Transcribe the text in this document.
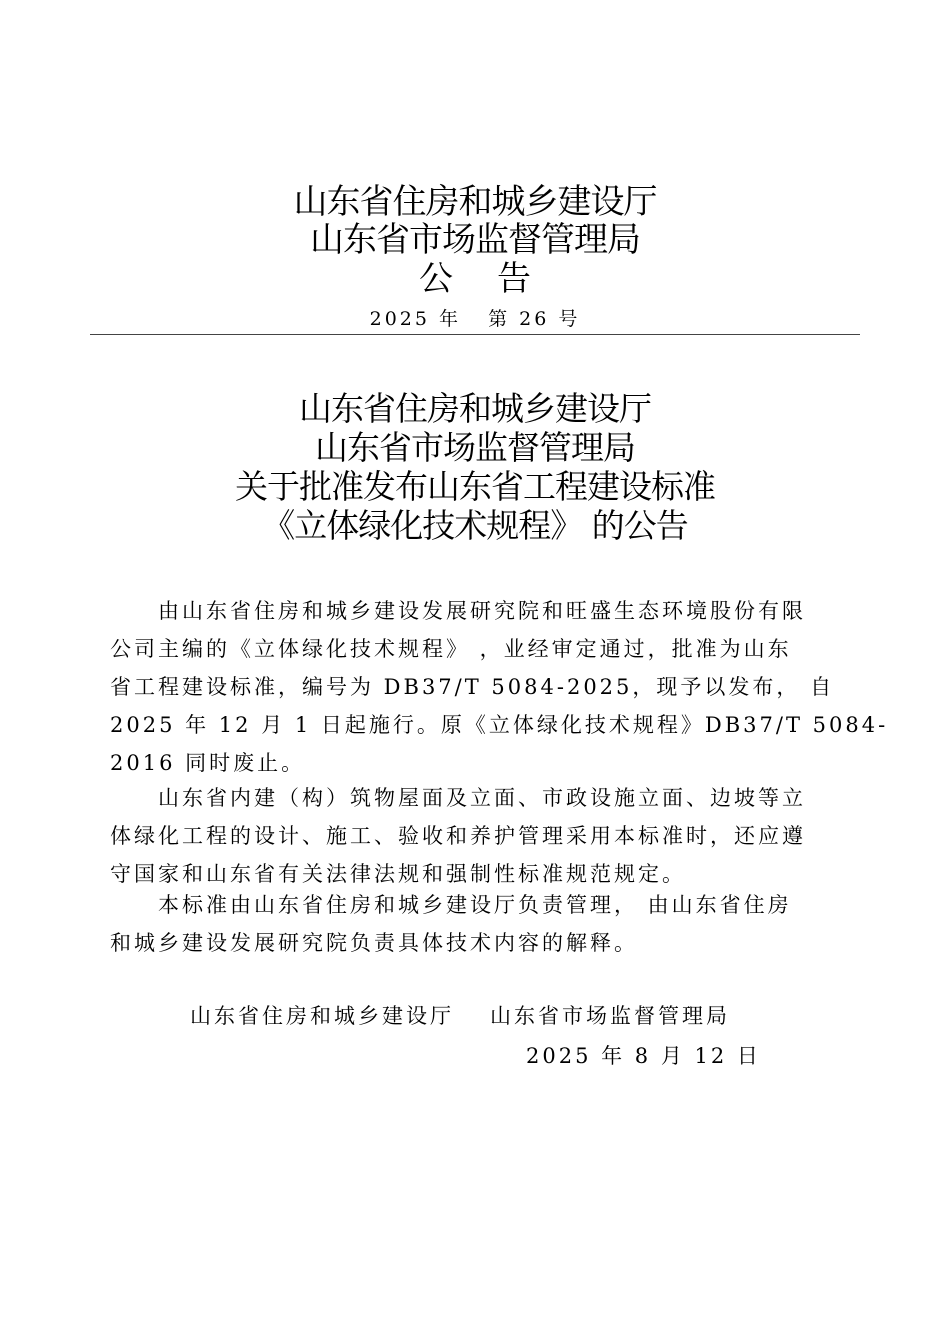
山东省住房和城乡建设厅
山东省市场监督管理局
公 告
2025 年   第 26 号
山东省住房和城乡建设厅
山东省市场监督管理局
关于批准发布山东省工程建设标准
《立体绿化技术规程》 的公告
　　由山东省住房和城乡建设发展研究院和旺盛生态环境股份有限
公司主编的《立体绿化技术规程》 ，业经审定通过，批准为山东
省工程建设标准，编号为 DB37/T 5084-2025，现予以发布， 自
2025 年 12 月 1 日起施行。原《立体绿化技术规程》DB37/T 5084-
2016 同时废止。
　　山东省内建（构）筑物屋面及立面、市政设施立面、边坡等立
体绿化工程的设计、施工、验收和养护管理采用本标准时，还应遵
守国家和山东省有关法律法规和强制性标准规范规定。
　　本标准由山东省住房和城乡建设厅负责管理， 由山东省住房
和城乡建设发展研究院负责具体技术内容的解释。
山东省住房和城乡建设厅 山东省市场监督管理局
2025 年 8 月 12 日
